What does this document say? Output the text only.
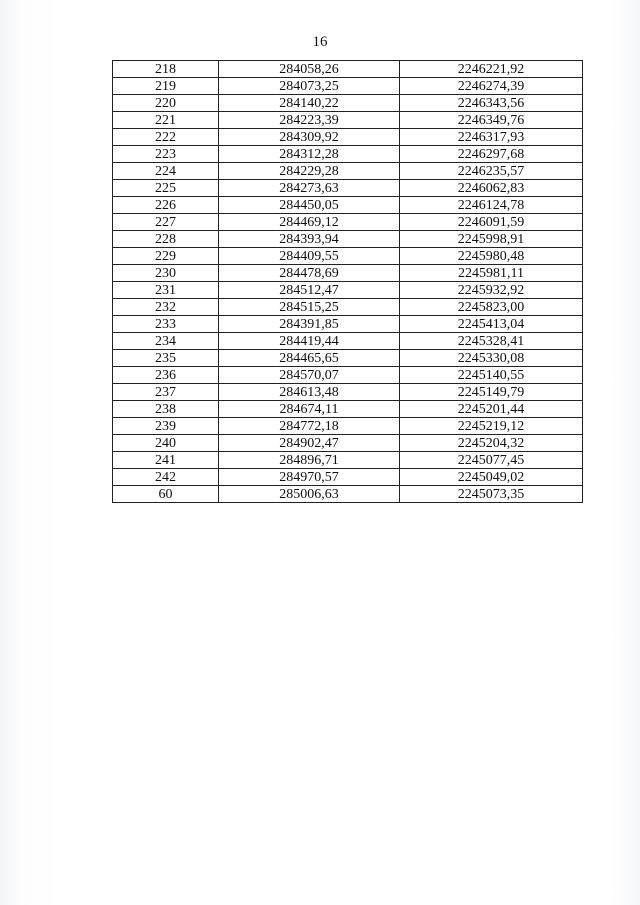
16
218	284058,26	2246221,92
219	284073,25	2246274,39
220	284140,22	2246343,56
221	284223,39	2246349,76
222	284309,92	2246317,93
223	284312,28	2246297,68
224	284229,28	2246235,57
225	284273,63	2246062,83
226	284450,05	2246124,78
227	284469,12	2246091,59
228	284393,94	2245998,91
229	284409,55	2245980,48
230	284478,69	2245981,11
231	284512,47	2245932,92
232	284515,25	2245823,00
233	284391,85	2245413,04
234	284419,44	2245328,41
235	284465,65	2245330,08
236	284570,07	2245140,55
237	284613,48	2245149,79
238	284674,11	2245201,44
239	284772,18	2245219,12
240	284902,47	2245204,32
241	284896,71	2245077,45
242	284970,57	2245049,02
60	285006,63	2245073,35
